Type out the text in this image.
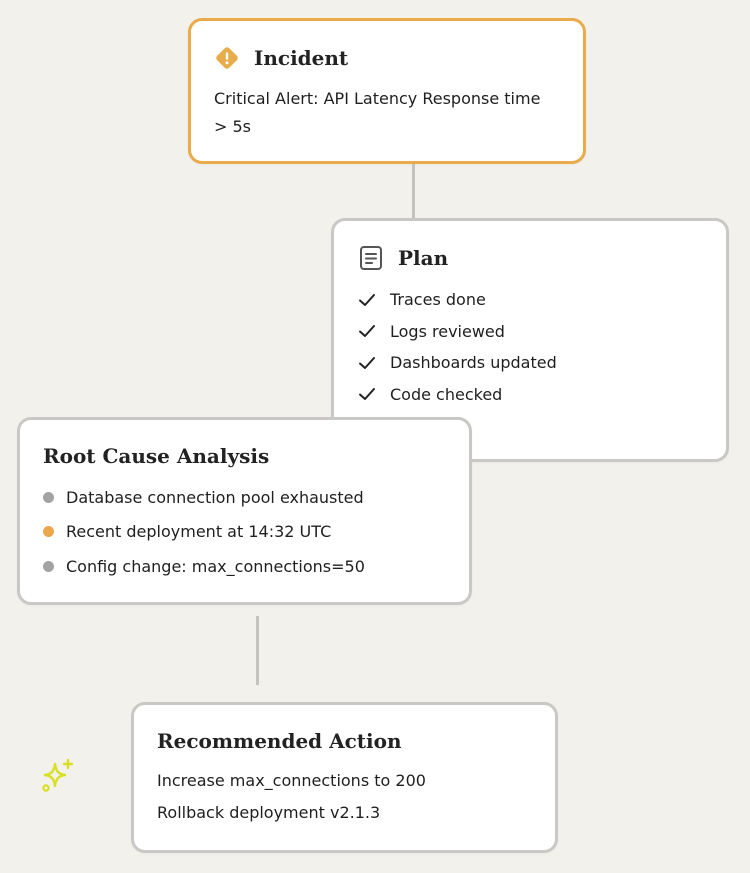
Incident
Critical Alert: API Latency Response time > 5s
Plan
Traces done
Logs reviewed
Dashboards updated
Code checked
Root Cause Analysis
Database connection pool exhausted
Recent deployment at 14:32 UTC
Config change: max_connections=50
Recommended Action
Increase max_connections to 200
Rollback deployment v2.1.3
